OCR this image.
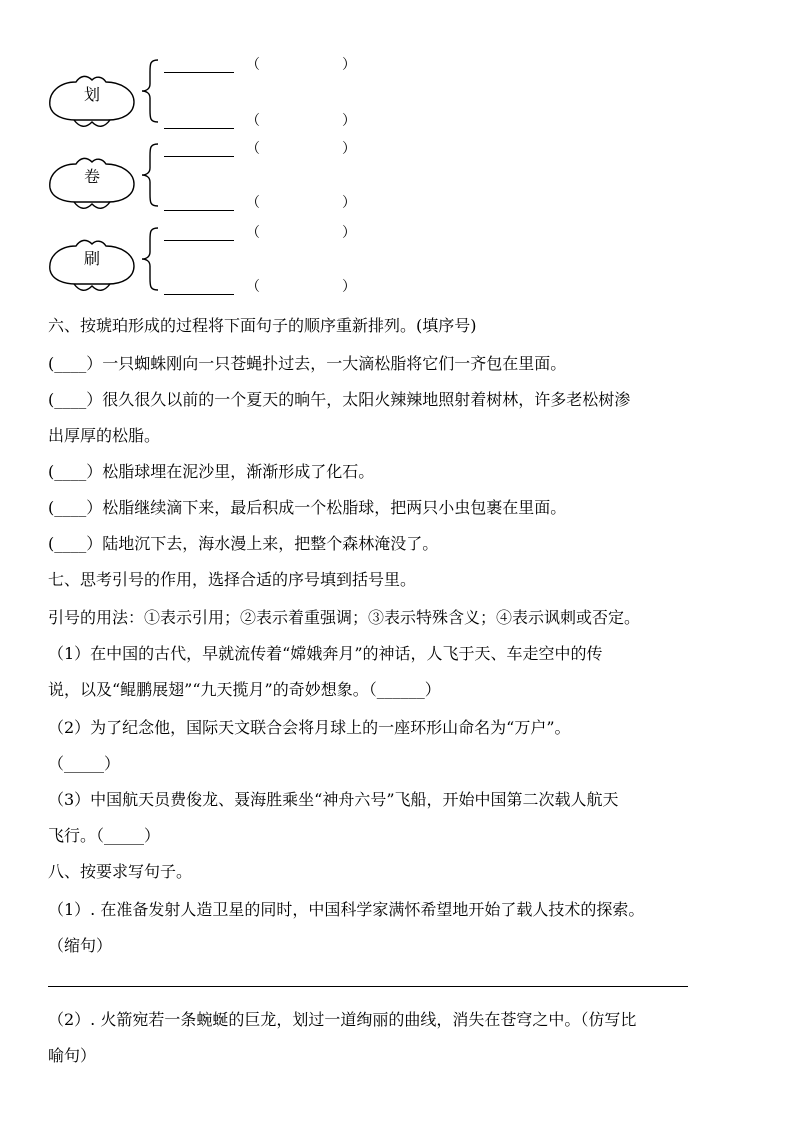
划
（	）
（	）
卷
（	）
（	）
刷
（	）
（	）
六、按琥珀形成的过程将下面句子的顺序重新排列。(填序号)
(____）一只蜘蛛刚向一只苍蝇扑过去，一大滴松脂将它们一齐包在里面。
(____）很久很久以前的一个夏天的晌午，太阳火辣辣地照射着树林，许多老松树渗
出厚厚的松脂。
(____）松脂球埋在泥沙里，渐渐形成了化石。
(____）松脂继续滴下来，最后积成一个松脂球，把两只小虫包裹在里面。
(____）陆地沉下去，海水漫上来，把整个森林淹没了。
七、思考引号的作用，选择合适的序号填到括号里。
引号的用法：①表示引用；②表示着重强调；③表示特殊含义；④表示讽刺或否定。
（1）在中国的古代，早就流传着“嫦娥奔月”的神话，人飞于天、车走空中的传
说，以及“鲲鹏展翅”“九天揽月”的奇妙想象。（______）
（2）为了纪念他，国际天文联合会将月球上的一座环形山命名为“万户”。
（_____）
（3）中国航天员费俊龙、聂海胜乘坐“神舟六号”飞船，开始中国第二次载人航天
飞行。（_____）
八、按要求写句子。
（1）. 在准备发射人造卫星的同时，中国科学家满怀希望地开始了载人技术的探索。
（缩句）
（2）. 火箭宛若一条蜿蜒的巨龙，划过一道绚丽的曲线，消失在苍穹之中。（仿写比
喻句）
